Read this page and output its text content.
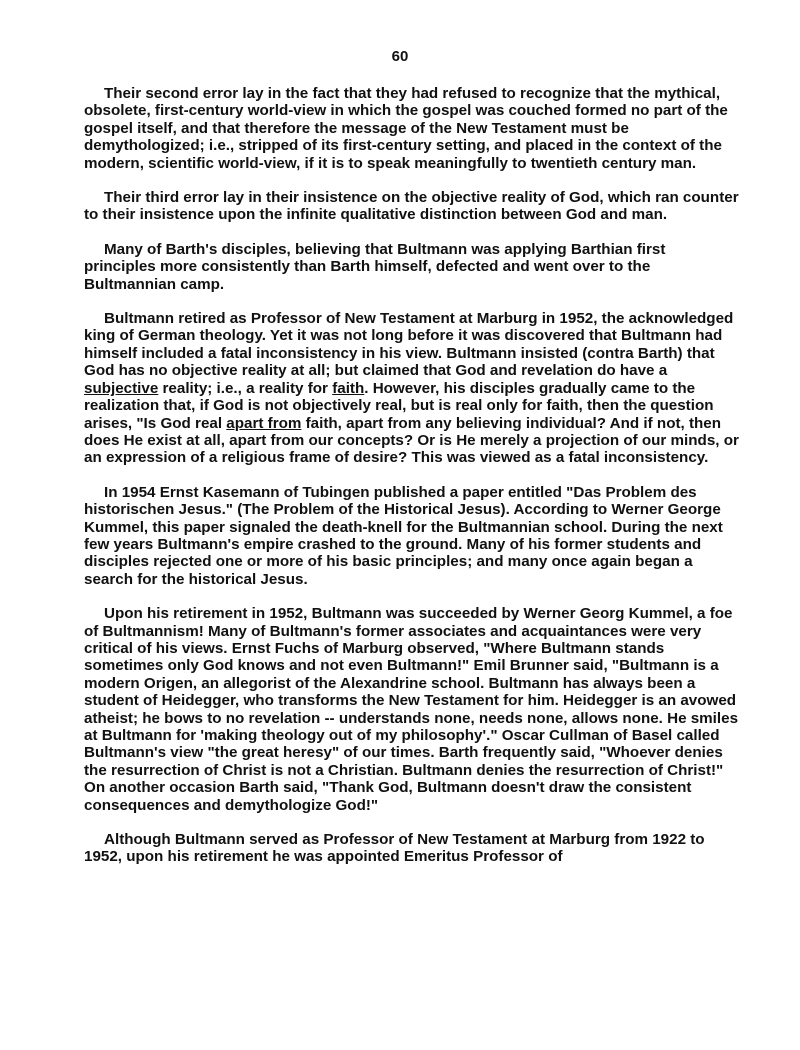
60

Their second error lay in the fact that they had refused to recognize that the mythical, obsolete, first-century world-view in which the gospel was couched formed no part of the gospel itself, and that therefore the message of the New Testament must be demythologized; i.e., stripped of its first-century setting, and placed in the context of the modern, scientific world-view, if it is to speak meaningfully to twentieth century man.

Their third error lay in their insistence on the objective reality of God, which ran counter to their insistence upon the infinite qualitative distinction between God and man.

Many of Barth's disciples, believing that Bultmann was applying Barthian first principles more consistently than Barth himself, defected and went over to the Bultmannian camp.

Bultmann retired as Professor of New Testament at Marburg in 1952, the acknowledged king of German theology. Yet it was not long before it was discovered that Bultmann had himself included a fatal inconsistency in his view. Bultmann insisted (contra Barth) that God has no objective reality at all; but claimed that God and revelation do have a subjective reality; i.e., a reality for faith. However, his disciples gradually came to the realization that, if God is not objectively real, but is real only for faith, then the question arises, "Is God real apart from faith, apart from any believing individual? And if not, then does He exist at all, apart from our concepts? Or is He merely a projection of our minds, or an expression of a religious frame of desire? This was viewed as a fatal inconsistency.

In 1954 Ernst Kasemann of Tubingen published a paper entitled "Das Problem des historischen Jesus." (The Problem of the Historical Jesus). According to Werner George Kummel, this paper signaled the death-knell for the Bultmannian school. During the next few years Bultmann's empire crashed to the ground. Many of his former students and disciples rejected one or more of his basic principles; and many once again began a search for the historical Jesus.

Upon his retirement in 1952, Bultmann was succeeded by Werner Georg Kummel, a foe of Bultmannism! Many of Bultmann's former associates and acquaintances were very critical of his views. Ernst Fuchs of Marburg observed, "Where Bultmann stands sometimes only God knows and not even Bultmann!" Emil Brunner said, "Bultmann is a modern Origen, an allegorist of the Alexandrine school. Bultmann has always been a student of Heidegger, who transforms the New Testament for him. Heidegger is an avowed atheist; he bows to no revelation -- understands none, needs none, allows none. He smiles at Bultmann for 'making theology out of my philosophy'." Oscar Cullman of Basel called Bultmann's view "the great heresy" of our times. Barth frequently said, "Whoever denies the resurrection of Christ is not a Christian. Bultmann denies the resurrection of Christ!" On another occasion Barth said, "Thank God, Bultmann doesn't draw the consistent consequences and demythologize God!"

Although Bultmann served as Professor of New Testament at Marburg from 1922 to 1952, upon his retirement he was appointed Emeritus Professor of
